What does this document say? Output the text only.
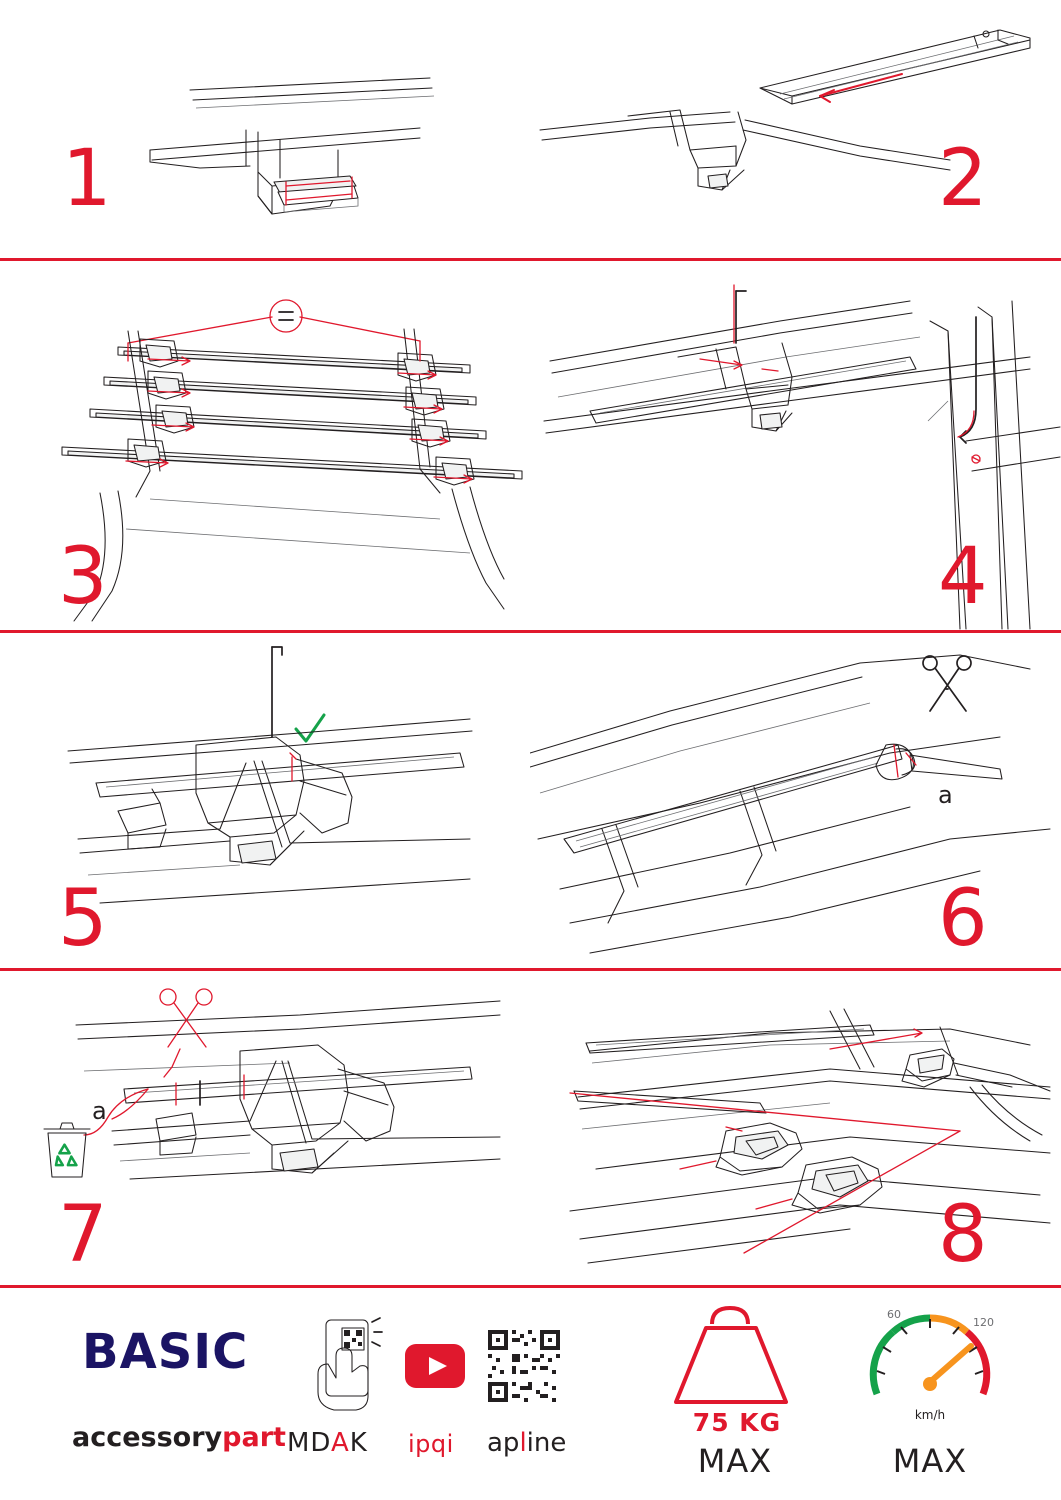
1	2
3	4
5
a
6
a
7	8
BASIC
accessorypart MDAK ipqi apline
75 KG
MAX
60
120
km/h
MAX
